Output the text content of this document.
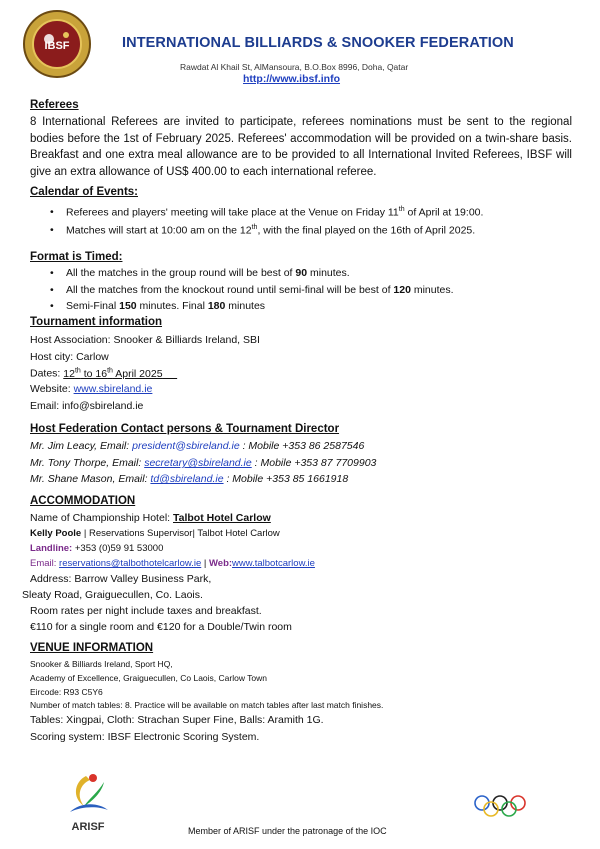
IBSF	INTERNATIONAL BILLIARDS & SNOOKER FEDERATION
Rawdat Al Khail St, AlMansoura, B.O.Box 8996, Doha, Qatar
http://www.ibsf.info
Referees
8 International Referees are invited to participate, referees nominations must be sent to the regional bodies before the 1st of February 2025. Referees' accommodation will be provided on a twin-share basis. Breakfast and one extra meal allowance are to be provided to all International Invited Referees, IBSF will give an extra allowance of US$ 400.00 to each international referee.
Calendar of Events:
• Referees and players' meeting will take place at the Venue on Friday 11th of April at 19:00.
• Matches will start at 10:00 am on the 12th, with the final played on the 16th of April 2025.
Format is Timed:
• All the matches in the group round will be best of 90 minutes.
• All the matches from the knockout round until semi-final will be best of 120 minutes.
• Semi-Final 150 minutes. Final 180 minutes
Tournament information
Host Association: Snooker & Billiards Ireland, SBI
Host city: Carlow
Dates: 12th to 16th April 2025
Website: www.sbireland.ie
Email: info@sbireland.ie
Host Federation Contact persons & Tournament Director
Mr. Jim Leacy, Email: president@sbireland.ie : Mobile +353 86 2587546
Mr. Tony Thorpe, Email: secretary@sbireland.ie : Mobile +353 87 7709903
Mr. Shane Mason, Email: td@sbireland.ie : Mobile +353 85 1661918
ACCOMMODATION
Name of Championship Hotel: Talbot Hotel Carlow
Kelly Poole | Reservations Supervisor| Talbot Hotel Carlow
Landline: +353 (0)59 91 53000
Email: reservations@talbothotelcarlow.ie | Web:www.talbotcarlow.ie
Address: Barrow Valley Business Park,
Sleaty Road, Graiguecullen, Co. Laois.
Room rates per night include taxes and breakfast.
€110 for a single room and €120 for a Double/Twin room
VENUE INFORMATION
Snooker & Billiards Ireland, Sport HQ,
Academy of Excellence, Graiguecullen, Co Laois, Carlow Town
Eircode: R93 C5Y6
Number of match tables: 8. Practice will be available on match tables after last match finishes.
Tables: Xingpai, Cloth: Strachan Super Fine, Balls: Aramith 1G.
Scoring system: IBSF Electronic Scoring System.
ARISF	Member of ARISF under the patronage of the IOC
